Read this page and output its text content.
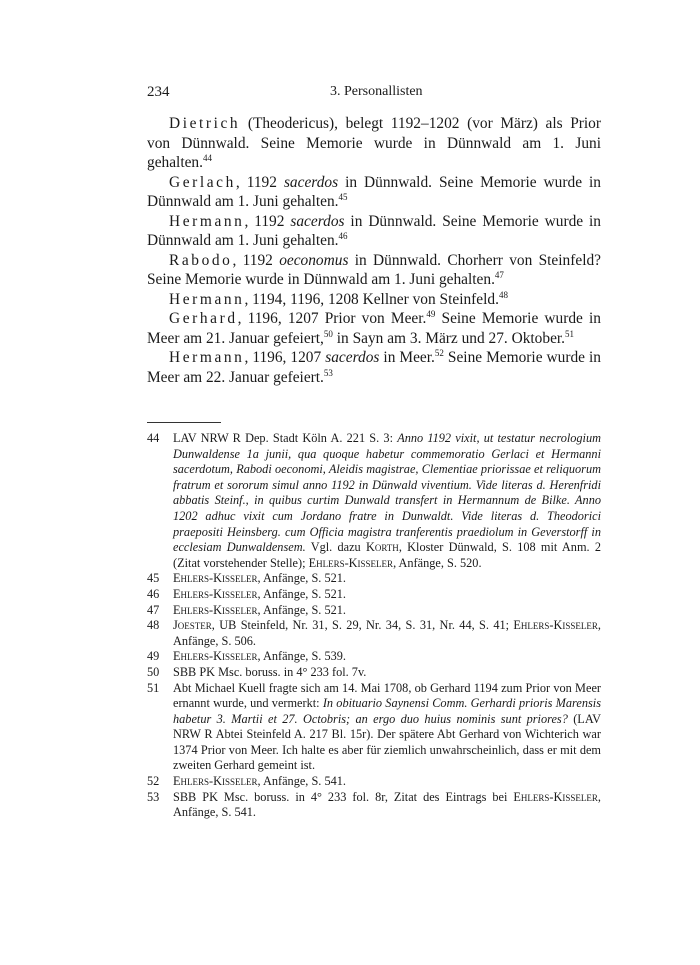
234	3. Personallisten

Dietrich (Theodericus), belegt 1192–1202 (vor März) als Prior von Dünnwald. Seine Memorie wurde in Dünnwald am 1. Juni gehalten.$^{44}$

Gerlach, 1192 sacerdos in Dünnwald. Seine Memorie wurde in Dünnwald am 1. Juni gehalten.$^{45}$

Hermann, 1192 sacerdos in Dünnwald. Seine Memorie wurde in Dünnwald am 1. Juni gehalten.$^{46}$

Rabodo, 1192 oeconomus in Dünnwald. Chorherr von Steinfeld? Seine Memorie wurde in Dünnwald am 1. Juni gehalten.$^{47}$

Hermann, 1194, 1196, 1208 Kellner von Steinfeld.$^{48}$

Gerhard, 1196, 1207 Prior von Meer.$^{49}$ Seine Memorie wurde in Meer am 21. Januar gefeiert,$^{50}$ in Sayn am 3. März und 27. Oktober.$^{51}$

Hermann, 1196, 1207 sacerdos in Meer.$^{52}$ Seine Memorie wurde in Meer am 22. Januar gefeiert.$^{53}$

44	LAV NRW R Dep. Stadt Köln A. 221 S. 3: Anno 1192 vixit, ut testatur necrologium Dunwaldense 1a junii, qua quoque habetur commemoratio Gerlaci et Hermanni sacerdotum, Rabodi oeconomi, Aleidis magistrae, Clementiae priorissae et reliquorum fratrum et sororum simul anno 1192 in Dünwald viventium. Vide literas d. Herenfridi abbatis Steinf., in quibus curtim Dunwald transfert in Hermannum de Bilke. Anno 1202 adhuc vixit cum Jordano fratre in Dunwaldt. Vide literas d. Theodorici praepositi Heinsberg. cum Officia magistra tranferentis praediolum in Geverstorff in ecclesiam Dunwaldensem. Vgl. dazu Korth, Kloster Dünwald, S. 108 mit Anm. 2 (Zitat vorstehender Stelle); Ehlers-Kisseler, Anfänge, S. 520.
45	Ehlers-Kisseler, Anfänge, S. 521.
46	Ehlers-Kisseler, Anfänge, S. 521.
47	Ehlers-Kisseler, Anfänge, S. 521.
48	Joester, UB Steinfeld, Nr. 31, S. 29, Nr. 34, S. 31, Nr. 44, S. 41; Ehlers-Kisseler, Anfänge, S. 506.
49	Ehlers-Kisseler, Anfänge, S. 539.
50	SBB PK Msc. boruss. in 4° 233 fol. 7v.
51	Abt Michael Kuell fragte sich am 14. Mai 1708, ob Gerhard 1194 zum Prior von Meer ernannt wurde, und vermerkt: In obituario Saynensi Comm. Gerhardi prioris Marensis habetur 3. Martii et 27. Octobris; an ergo duo huius nominis sunt priores? (LAV NRW R Abtei Steinfeld A. 217 Bl. 15r). Der spätere Abt Gerhard von Wichterich war 1374 Prior von Meer. Ich halte es aber für ziemlich unwahrscheinlich, dass er mit dem zweiten Gerhard gemeint ist.
52	Ehlers-Kisseler, Anfänge, S. 541.
53	SBB PK Msc. boruss. in 4° 233 fol. 8r, Zitat des Eintrags bei Ehlers-Kisseler, Anfänge, S. 541.
